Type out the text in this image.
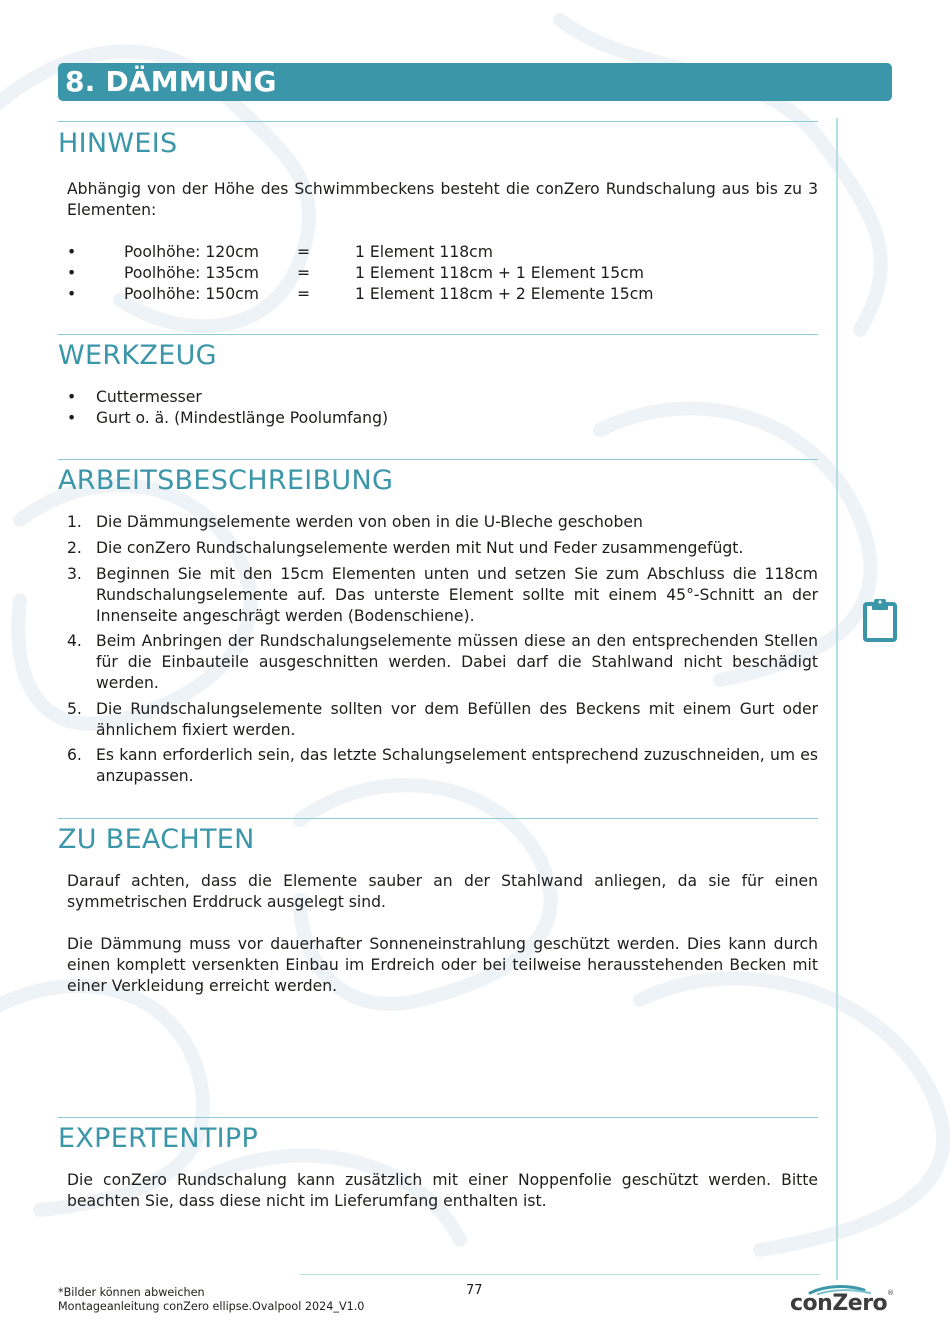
8. DÄMMUNG
HINWEIS
Abhängig von der Höhe des Schwimmbeckens besteht die conZero Rundschalung aus bis zu 3 Elementen:
•	Poolhöhe: 120cm =	1 Element 118cm
•	Poolhöhe: 135cm =	1 Element 118cm + 1 Element 15cm
•	Poolhöhe: 150cm =	1 Element 118cm + 2 Elemente 15cm
WERKZEUG
• Cuttermesser
• Gurt o. ä. (Mindestlänge Poolumfang)
ARBEITSBESCHREIBUNG
1. Die Dämmungselemente werden von oben in die U-Bleche geschoben
2. Die conZero Rundschalungselemente werden mit Nut und Feder zusammengefügt.
3. Beginnen Sie mit den 15cm Elementen unten und setzen Sie zum Abschluss die 118cm Rundschalungselemente auf. Das unterste Element sollte mit einem 45°-Schnitt an der Innenseite angeschrägt werden (Bodenschiene).
4. Beim Anbringen der Rundschalungselemente müssen diese an den entsprechenden Stellen für die Einbauteile ausgeschnitten werden. Dabei darf die Stahlwand nicht beschädigt werden.
5. Die Rundschalungselemente sollten vor dem Befüllen des Beckens mit einem Gurt oder ähnlichem fixiert werden.
6. Es kann erforderlich sein, das letzte Schalungselement entsprechend zuzuschneiden, um es anzupassen.
ZU BEACHTEN
Darauf achten, dass die Elemente sauber an der Stahlwand anliegen, da sie für einen symmetrischen Erddruck ausgelegt sind.
Die Dämmung muss vor dauerhafter Sonneneinstrahlung geschützt werden. Dies kann durch einen komplett versenkten Einbau im Erdreich oder bei teilweise herausstehenden Becken mit einer Verkleidung erreicht werden.
EXPERTENTIPP
Die conZero Rundschalung kann zusätzlich mit einer Noppenfolie geschützt werden. Bitte beachten Sie, dass diese nicht im Lieferumfang enthalten ist.
*Bilder können abweichen
Montageanleitung conZero ellipse.Ovalpool 2024_V1.0
77
conZero ®
